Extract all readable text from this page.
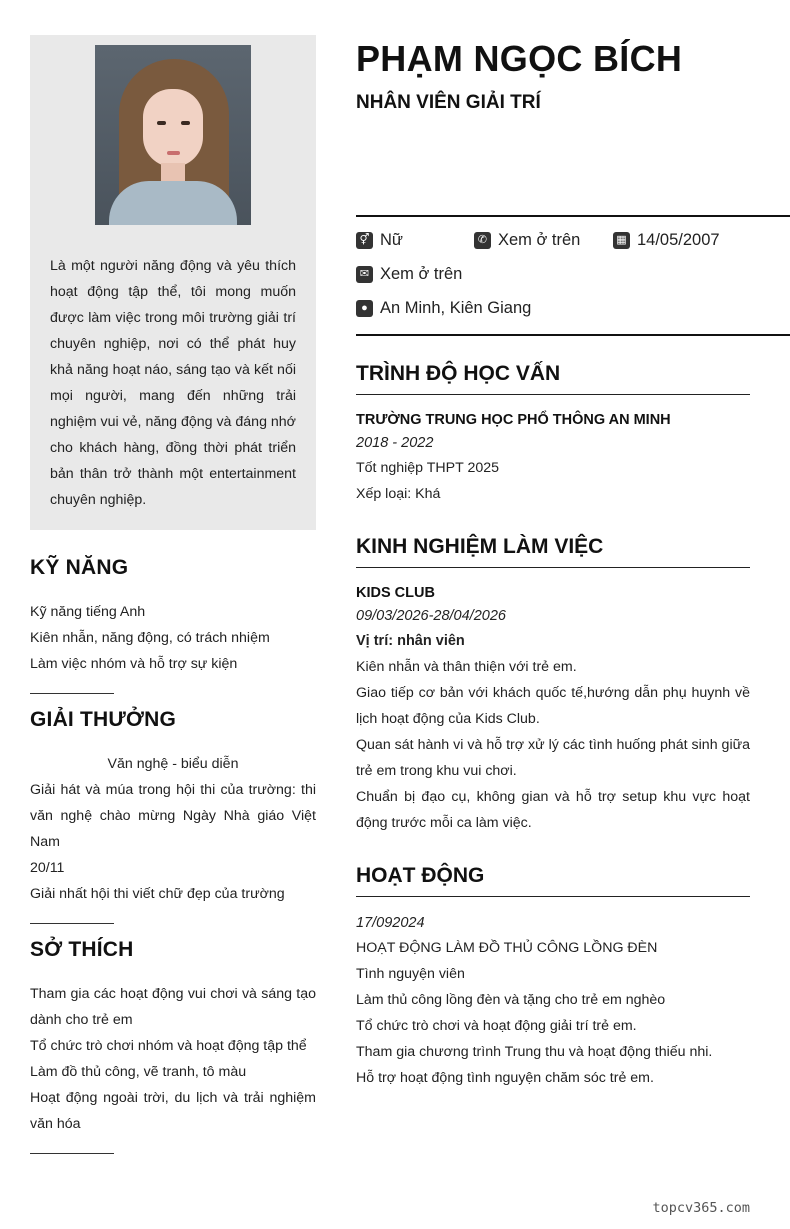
Là một người năng động và yêu thích hoạt động tập thể, tôi mong muốn được làm việc trong môi trường giải trí chuyên nghiệp, nơi có thể phát huy khả năng hoạt náo, sáng tạo và kết nối mọi người, mang đến những trải nghiệm vui vẻ, năng động và đáng nhớ cho khách hàng, đồng thời phát triển bản thân trở thành một entertainment chuyên nghiệp.

KỸ NĂNG

Kỹ năng tiếng Anh

Kiên nhẫn, năng động, có trách nhiệm

Làm việc nhóm và hỗ trợ sự kiện

GIẢI THƯỞNG

Văn nghệ - biểu diễn

Giải hát và múa trong hội thi của trường: thi văn nghệ chào mừng Ngày Nhà giáo Việt Nam

20/11

Giải nhất hội thi viết chữ đẹp của trường

SỞ THÍCH

Tham gia các hoạt động vui chơi và sáng tạo dành cho trẻ em

Tổ chức trò chơi nhóm và hoạt động tập thể

Làm đồ thủ công, vẽ tranh, tô màu

Hoạt động ngoài trời, du lịch và trải nghiệm văn hóa

PHẠM NGỌC BÍCH
NHÂN VIÊN GIẢI TRÍ
⚥ Nữ	✆ Xem ở trên	▦ 14/05/2007
✉ Xem ở trên
● An Minh, Kiên Giang
TRÌNH ĐỘ HỌC VẤN
TRƯỜNG TRUNG HỌC PHỔ THÔNG AN MINH
2018 - 2022

Tốt nghiệp THPT 2025

Xếp loại: Khá

KINH NGHIỆM LÀM VIỆC
KIDS CLUB
09/03/2026-28/04/2026
Vị trí: nhân viên

Kiên nhẫn và thân thiện với trẻ em.

Giao tiếp cơ bản với khách quốc tế,hướng dẫn phụ huynh về lịch hoạt động của Kids Club.

Quan sát hành vi và hỗ trợ xử lý các tình huống phát sinh giữa trẻ em trong khu vui chơi.

Chuẩn bị đạo cụ, không gian và hỗ trợ setup khu vực hoạt động trước mỗi ca làm việc.

HOẠT ĐỘNG
17/092024

HOẠT ĐỘNG LÀM ĐỒ THỦ CÔNG LỒNG ĐÈN

Tình nguyện viên

Làm thủ công lồng đèn và tặng cho trẻ em nghèo

Tổ chức trò chơi và hoạt động giải trí trẻ em.

Tham gia chương trình Trung thu và hoạt động thiếu nhi.

Hỗ trợ hoạt động tình nguyện chăm sóc trẻ em.

topcv365.com
